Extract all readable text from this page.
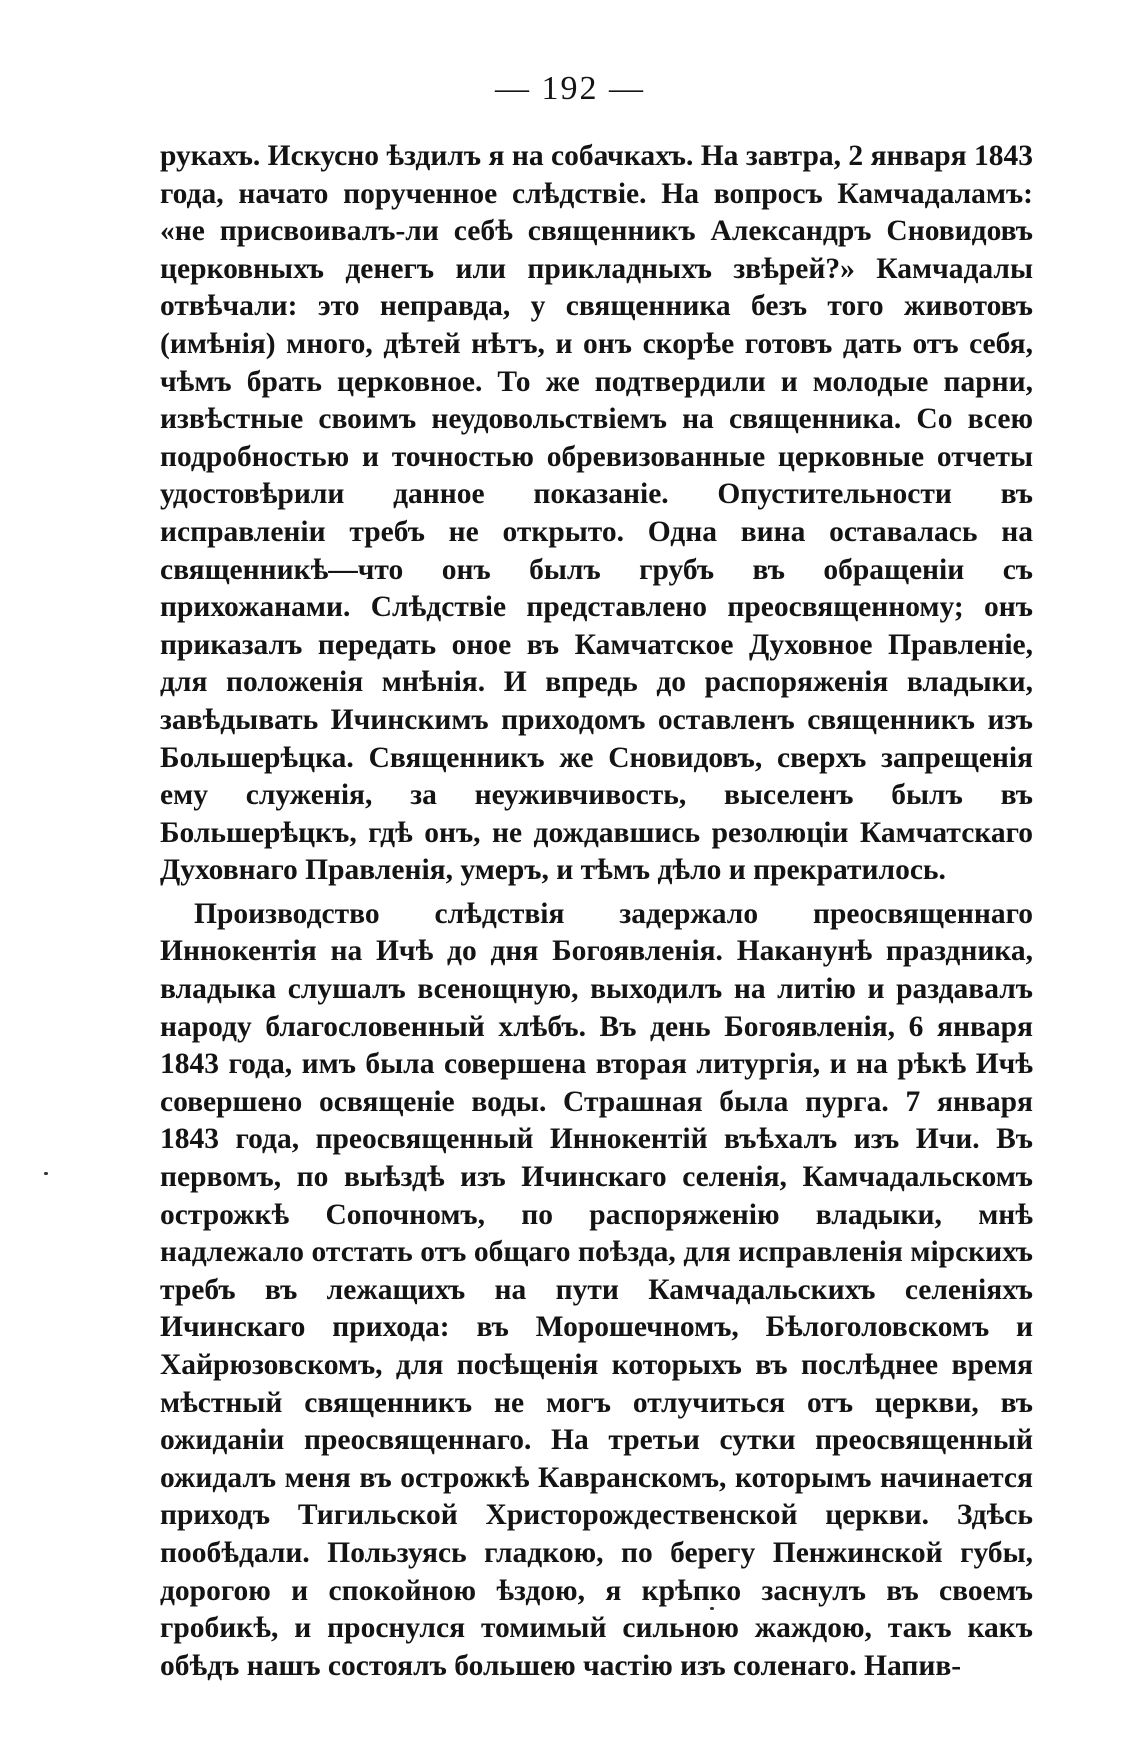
— 192 —

рукахъ. Искусно ѣздилъ я на собачкахъ. На завтра, 2 января 1843 года, начато порученное слѣдствіе. На вопросъ Камчадаламъ: «не присвоивалъ-ли себѣ священникъ Александръ Сновидовъ церковныхъ денегъ или прикладныхъ звѣрей?» Камчадалы отвѣчали: это неправда, у священника безъ того животовъ (имѣнія) много, дѣтей нѣтъ, и онъ скорѣе готовъ дать отъ себя, чѣмъ брать церковное. То же подтвердили и молодые парни, извѣстные своимъ неудовольствіемъ на священника. Со всею подробностью и точностью обревизованные церковные отчеты удостовѣрили данное показаніе. Опустительности въ исправленіи требъ не открыто. Одна вина оставалась на священникѣ—что онъ былъ грубъ въ обращеніи съ прихожанами. Слѣдствіе представлено преосвященному; онъ приказалъ передать оное въ Камчатское Духовное Правленіе, для положенія мнѣнія. И впредь до распоряженія владыки, завѣдывать Ичинскимъ приходомъ оставленъ священникъ изъ Большерѣцка. Священникъ же Сновидовъ, сверхъ запрещенія ему служенія, за неуживчивость, выселенъ былъ въ Большерѣцкъ, гдѣ онъ, не дождавшись резолюціи Камчатскаго Духовнаго Правленія, умеръ, и тѣмъ дѣло и прекратилось.

Производство слѣдствія задержало преосвященнаго Иннокентія на Ичѣ до дня Богоявленія. Наканунѣ праздника, владыка слушалъ всенощную, выходилъ на литію и раздавалъ народу благословенный хлѣбъ. Въ день Богоявленія, 6 января 1843 года, имъ была совершена вторая литургія, и на рѣкѣ Ичѣ совершено освященіе воды. Страшная была пурга. 7 января 1843 года, преосвященный Иннокентій въѣхалъ изъ Ичи. Въ первомъ, по выѣздѣ изъ Ичинскаго селенія, Камчадальскомъ острожкѣ Сопочномъ, по распоряженію владыки, мнѣ надлежало отстать отъ общаго поѣзда, для исправленія мірскихъ требъ въ лежащихъ на пути Камчадальскихъ селеніяхъ Ичинскаго прихода: въ Морошечномъ, Бѣлоголовскомъ и Хайрюзовскомъ, для посѣщенія которыхъ въ послѣднее время мѣстный священникъ не могъ отлучиться отъ церкви, въ ожиданіи преосвященнаго. На третьи сутки преосвященный ожидалъ меня въ острожкѣ Кавранскомъ, которымъ начинается приходъ Тигильской Христорождественской церкви. Здѣсь пообѣдали. Пользуясь гладкою, по берегу Пенжинской губы, дорогою и спокойною ѣздою, я крѣпко заснулъ въ своемъ гробикѣ, и проснулся томимый сильною жаждою, такъ какъ обѣдъ нашъ состоялъ большею частію изъ соленаго. Напив-
